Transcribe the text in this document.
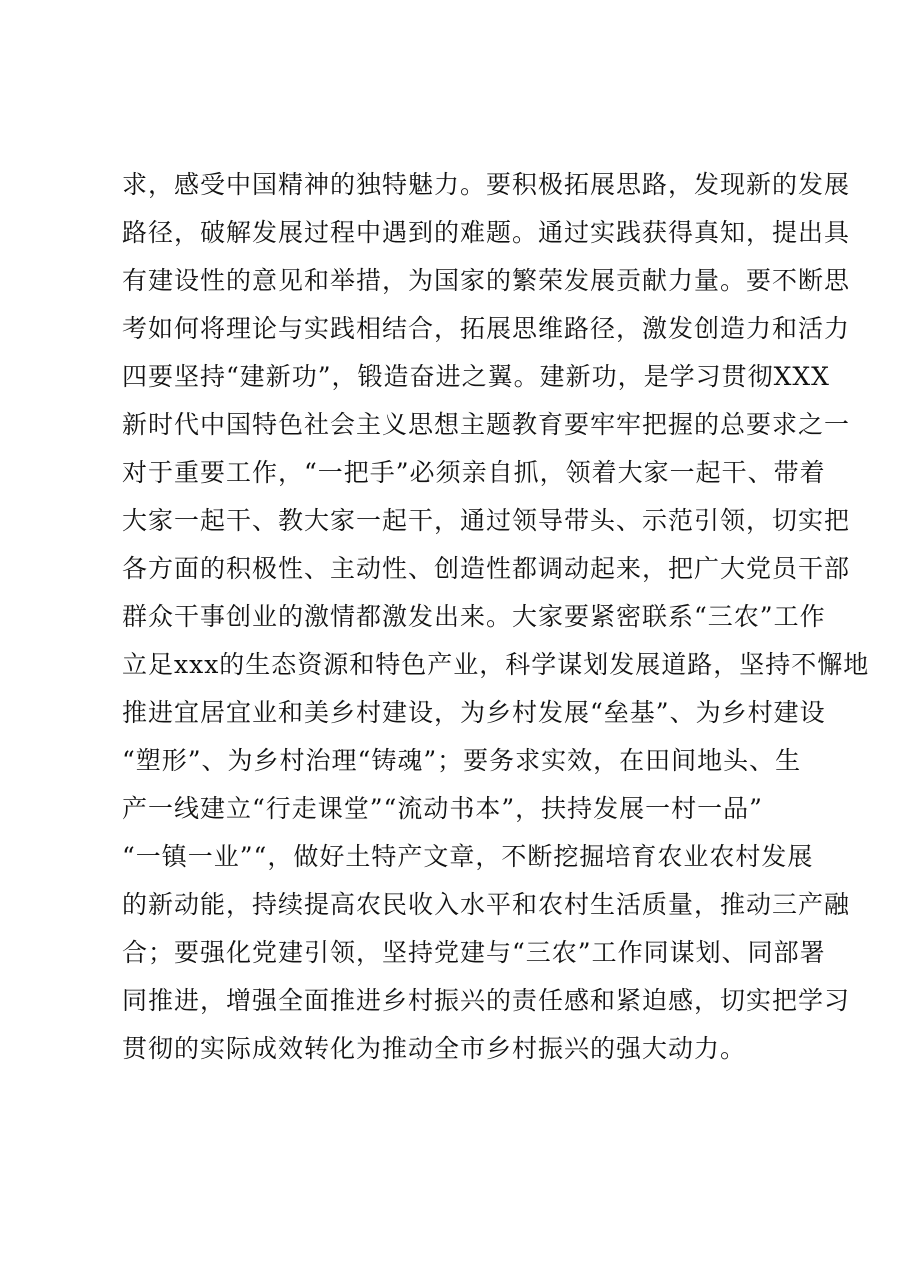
求，感受中国精神的独特魅力。要积极拓展思路，发现新的发展
路径，破解发展过程中遇到的难题。通过实践获得真知，提出具
有建设性的意见和举措，为国家的繁荣发展贡献力量。要不断思
考如何将理论与实践相结合，拓展思维路径，激发创造力和活力
四要坚持“建新功”，锻造奋进之翼。建新功，是学习贯彻XXX
新时代中国特色社会主义思想主题教育要牢牢把握的总要求之一
对于重要工作，“一把手”必须亲自抓，领着大家一起干、带着
大家一起干、教大家一起干，通过领导带头、示范引领，切实把
各方面的积极性、主动性、创造性都调动起来，把广大党员干部
群众干事创业的激情都激发出来。大家要紧密联系“三农”工作
立足xxx的生态资源和特色产业，科学谋划发展道路，坚持不懈地
推进宜居宜业和美乡村建设，为乡村发展“垒基”、为乡村建设
“塑形”、为乡村治理“铸魂”；要务求实效，在田间地头、生
产一线建立“行走课堂”“流动书本”，扶持发展一村一品”
“一镇一业”“，做好土特产文章，不断挖掘培育农业农村发展
的新动能，持续提高农民收入水平和农村生活质量，推动三产融
合；要强化党建引领，坚持党建与“三农”工作同谋划、同部署
同推进，增强全面推进乡村振兴的责任感和紧迫感，切实把学习
贯彻的实际成效转化为推动全市乡村振兴的强大动力。
